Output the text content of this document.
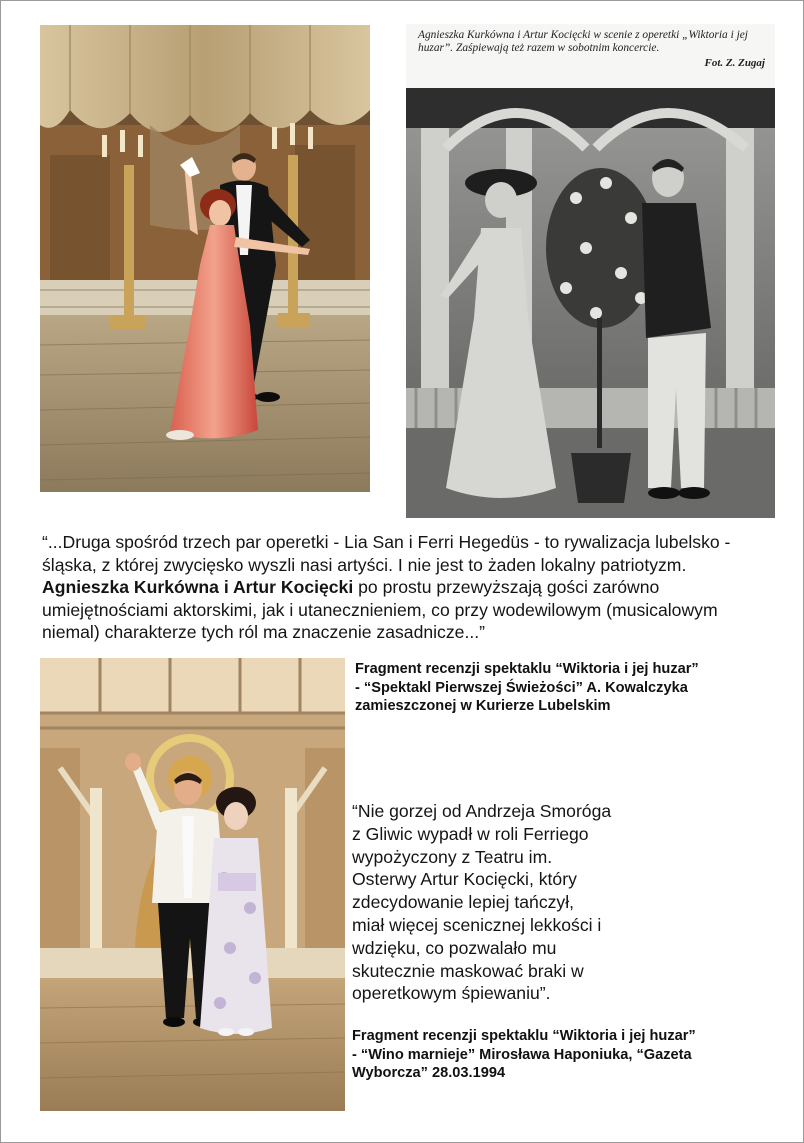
Agnieszka Kurkówna i Artur Kocięcki w scenie z operetki „Wiktoria i jej huzar”. Zaśpiewają też razem w sobotnim koncercie.
Fot. Z. Zugaj
“...Druga spośród trzech par operetki - Lia San i Ferri Hegedüs - to rywalizacja lubelsko - śląska, z której zwycięsko wyszli nasi artyści. I nie jest to żaden lokalny patriotyzm. Agnieszka Kurkówna i Artur Kocięcki po prostu przewyższają gości zarówno umiejętnościami aktorskimi, jak i utanecznieniem, co przy wodewilowym (musicalowym niemal) charakterze tych ról ma znaczenie zasadnicze...”
Fragment recenzji spektaklu “Wiktoria i jej huzar”
- “Spektakl Pierwszej Świeżości” A. Kowalczyka
zamieszczonej w Kurierze Lubelskim
“Nie gorzej od Andrzeja Smoróga
z Gliwic wypadł w roli Ferriego
wypożyczony z Teatru im.
Osterwy Artur Kocięcki, który
zdecydowanie lepiej tańczył,
miał więcej scenicznej lekkości i
wdzięku, co pozwalało mu
skutecznie maskować braki w
operetkowym śpiewaniu”.
Fragment recenzji spektaklu “Wiktoria i jej huzar”
- “Wino marnieje” Mirosława Haponiuka, “Gazeta
Wyborcza” 28.03.1994
